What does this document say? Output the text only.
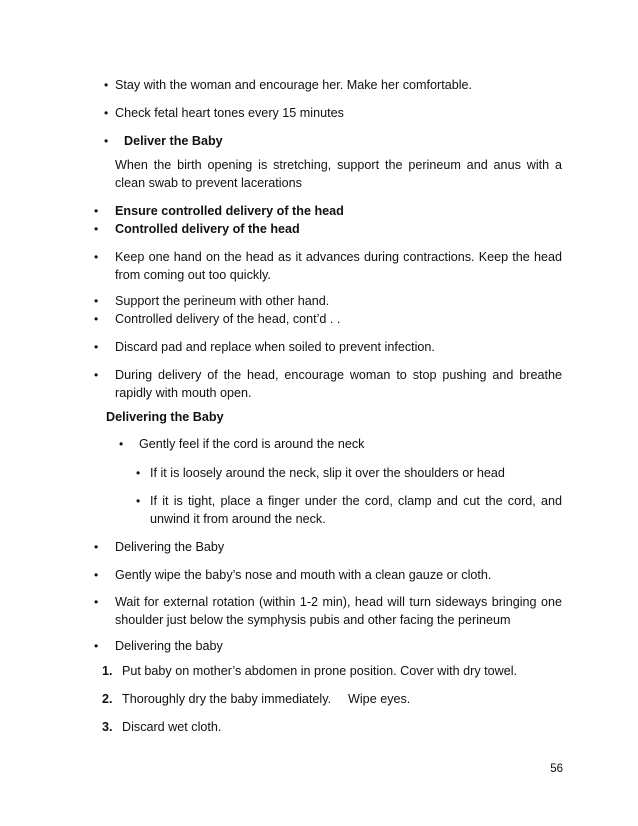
• Stay with the woman and encourage her. Make her comfortable.
• Check fetal heart tones every 15 minutes
• Deliver the Baby
When the birth opening is stretching, support the perineum and anus with a clean swab to prevent lacerations
• Ensure controlled delivery of the head
• Controlled delivery of the head
• Keep one hand on the head as it advances during contractions. Keep the head from coming out too quickly.
• Support the perineum with other hand.
• Controlled delivery of the head, cont’d . .
• Discard pad and replace when soiled to prevent infection.
• During delivery of the head, encourage woman to stop pushing and breathe rapidly with mouth open.
Delivering the Baby
• Gently feel if the cord is around the neck
• If it is loosely around the neck, slip it over the shoulders or head
• If it is tight, place a finger under the cord, clamp and cut the cord, and unwind it from around the neck.
• Delivering the Baby
• Gently wipe the baby’s nose and mouth with a clean gauze or cloth.
• Wait for external rotation (within 1-2 min), head will turn sideways bringing one shoulder just below the symphysis pubis and other facing the perineum
• Delivering the baby
1. Put baby on mother’s abdomen in prone position. Cover with dry towel.
2. Thoroughly dry the baby immediately. Wipe eyes.
3. Discard wet cloth.
56
